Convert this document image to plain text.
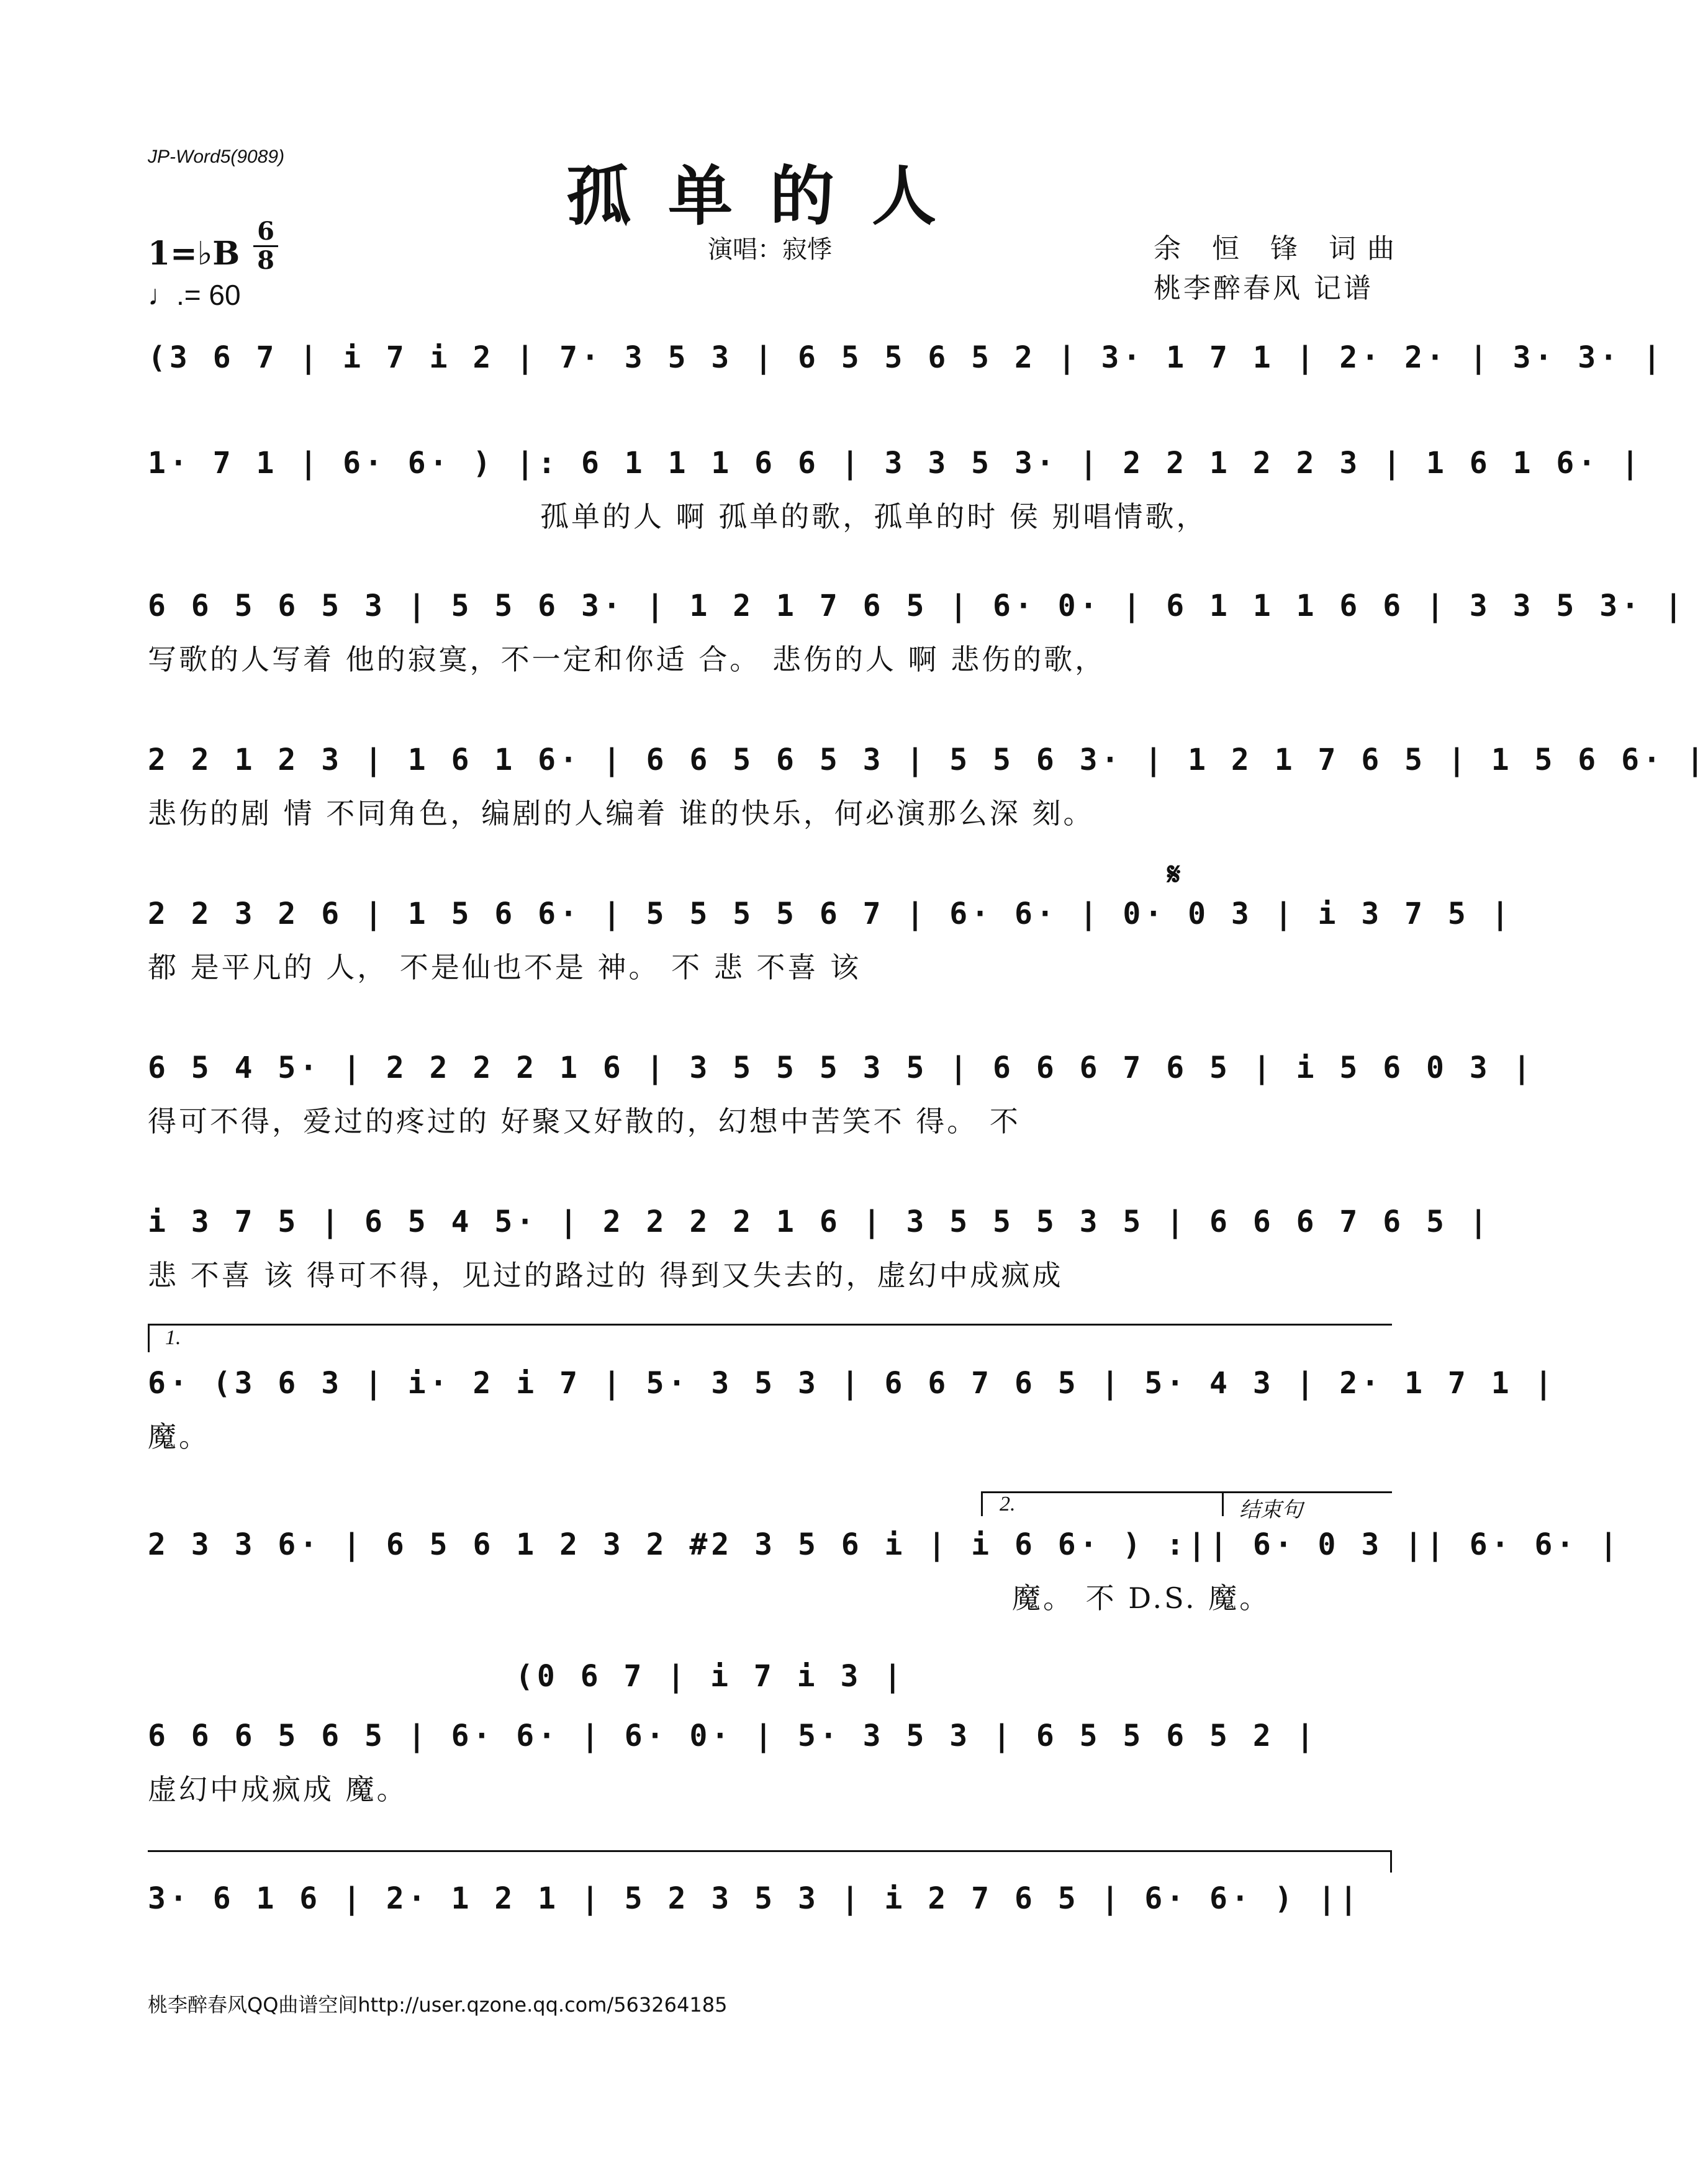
JP-Word5(9089)
孤单的人
1=♭B
6
8
♩.= 60
演唱：寂悸	余 恒 锋 词曲
桃李醉春风 记谱
(3 6 7 | i 7 i 2 | 7· 3 5 3 | 6 5 5 6 5 2 | 3· 1 7 1 | 2· 2· | 3· 3· |
1· 7 1 | 6· 6· ) |: 6 1 1 1 6 6 | 3 3 5 3· | 2 2 1 2 2 3 | 1 6 1 6· |
孤单的人 啊 孤单的歌，孤单的时 侯 别唱情歌，
6 6 5 6 5 3 | 5 5 6 3· | 1 2 1 7 6 5 | 6· 0· | 6 1 1 1 6 6 | 3 3 5 3· |
写歌的人写着 他的寂寞，不一定和你适 合。 悲伤的人 啊 悲伤的歌，
2 2 1 2 3 | 1 6 1 6· | 6 6 5 6 5 3 | 5 5 6 3· | 1 2 1 7 6 5 | 1 5 6 6· |
悲伤的剧 情 不同角色，编剧的人编着 谁的快乐，何必演那么深 刻。
𝄋
2 2 3 2 6 | 1 5 6 6· | 5 5 5 5 6 7 | 6· 6· | 0· 0 3 | i 3 7 5 |
都 是平凡的 人， 不是仙也不是 神。 不 悲 不喜 该
6 5 4 5· | 2 2 2 2 1 6 | 3 5 5 5 3 5 | 6 6 6 7 6 5 | i 5 6 0 3 |
得可不得，爱过的疼过的 好聚又好散的，幻想中苦笑不 得。 不
i 3 7 5 | 6 5 4 5· | 2 2 2 2 1 6 | 3 5 5 5 3 5 | 6 6 6 7 6 5 |
悲 不喜 该 得可不得，见过的路过的 得到又失去的，虚幻中成疯成
1.
6· (3 6 3 | i· 2 i 7 | 5· 3 5 3 | 6 6 7 6 5 | 5· 4 3 | 2· 1 7 1 |
魔。
2.	结束句
2 3 3 6· | 6 5 6 1 2 3 2 #2 3 5 6 i | i 6 6· ) :|| 6· 0 3 || 6· 6· |
魔。 不 D.S. 魔。
(0 6 7 | i 7 i 3 |
6 6 6 5 6 5 | 6· 6· | 6· 0· | 5· 3 5 3 | 6 5 5 6 5 2 |
虚幻中成疯成 魔。
3· 6 1 6 | 2· 1 2 1 | 5 2 3 5 3 | i 2 7 6 5 | 6· 6· ) ||
桃李醉春风QQ曲谱空间http://user.qzone.qq.com/563264185
